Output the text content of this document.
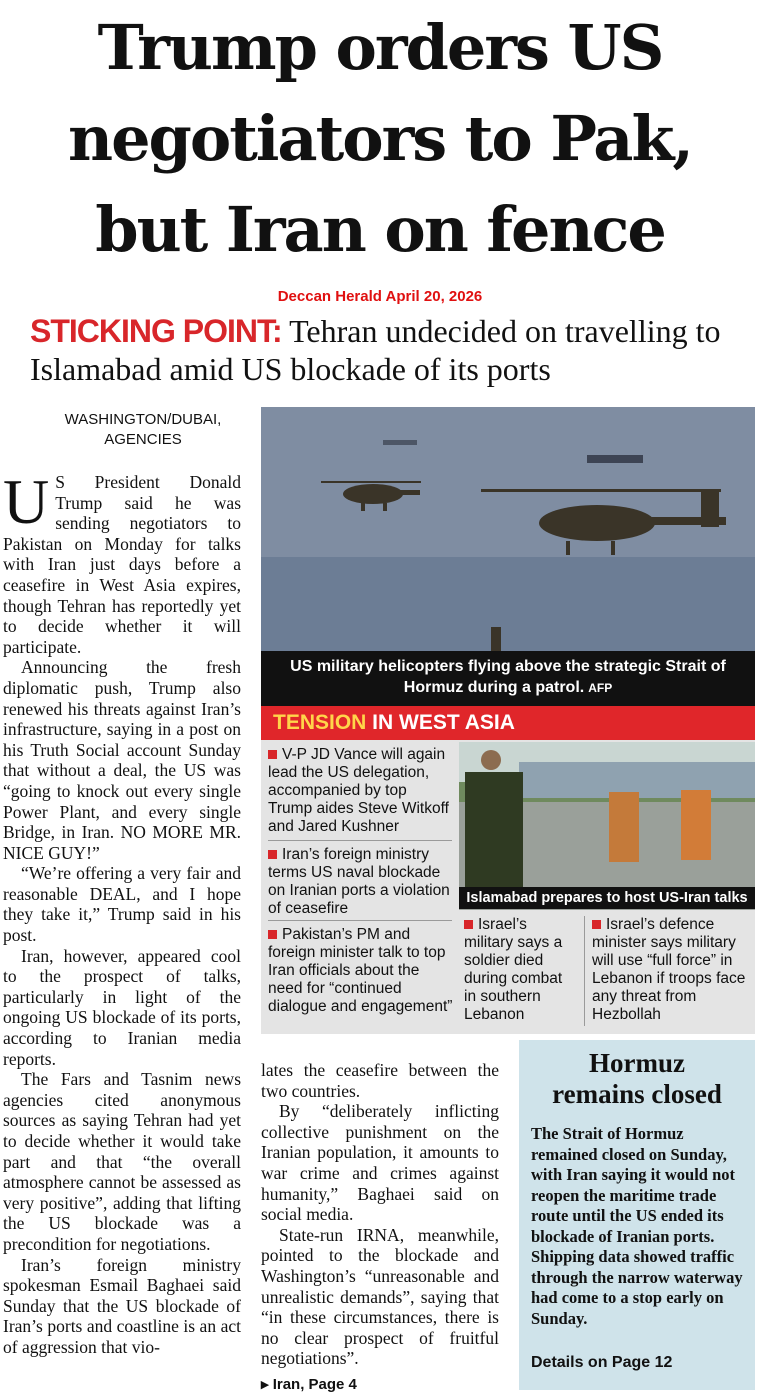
Trump orders US
negotiators to Pak,
but Iran on fence
Deccan Herald April 20, 2026
STICKING POINT: Tehran undecided on travelling to Islamabad amid US blockade of its ports
WASHINGTON/DUBAI,
AGENCIES

U S President Donald Trump said he was sending negotiators to Pakistan on Monday for talks with Iran just days before a ceasefire in West Asia expires, though Tehran has reportedly yet to decide whether it will participate.

Announcing the fresh diplomatic push, Trump also renewed his threats against Iran’s infrastructure, saying in a post on his Truth Social account Sunday that without a deal, the US was “going to knock out every single Power Plant, and every single Bridge, in Iran. NO MORE MR. NICE GUY!”

“We’re offering a very fair and reasonable DEAL, and I hope they take it,” Trump said in his post.

Iran, however, appeared cool to the prospect of talks, particularly in light of the ongoing US blockade of its ports, according to Iranian media reports.

The Fars and Tasnim news agencies cited anonymous sources as saying Tehran had yet to decide whether it would take part and that “the overall atmosphere cannot be assessed as very positive”, adding that lifting the US blockade was a precondition for negotiations.

Iran’s foreign ministry spokesman Esmail Baghaei said Sunday that the US blockade of Iran’s ports and coastline is an act of aggression that vio-

US military helicopters flying above the strategic Strait of Hormuz during a patrol. AFP
TENSION IN WEST ASIA
V-P JD Vance will again lead the US delegation, accompanied by top Trump aides Steve Witkoff and Jared Kushner
Iran’s foreign ministry terms US naval blockade on Iranian ports a violation of ceasefire
Pakistan’s PM and foreign minister talk to top Iran officials about the need for “continued dialogue and engagement”
Islamabad prepares to host US-Iran talks
Israel’s military says a soldier died during combat in southern Lebanon
Israel’s defence minister says military will use “full force” in Lebanon if troops face any threat from Hezbollah

lates the ceasefire between the two countries.

By “deliberately inflicting collective punishment on the Iranian population, it amounts to war crime and crimes against humanity,” Baghaei said on social media.

State-run IRNA, meanwhile, pointed to the blockade and Washington’s “unreasonable and unrealistic demands”, saying that “in these circumstances, there is no clear prospect of fruitful negotiations”.

▸ Iran, Page 4
Hormuz
remains closed
The Strait of Hormuz remained closed on Sunday, with Iran saying it would not reopen the maritime trade route until the US ended its blockade of Iranian ports. Shipping data showed traffic through the narrow waterway had come to a stop early on Sunday.
Details on Page 12
